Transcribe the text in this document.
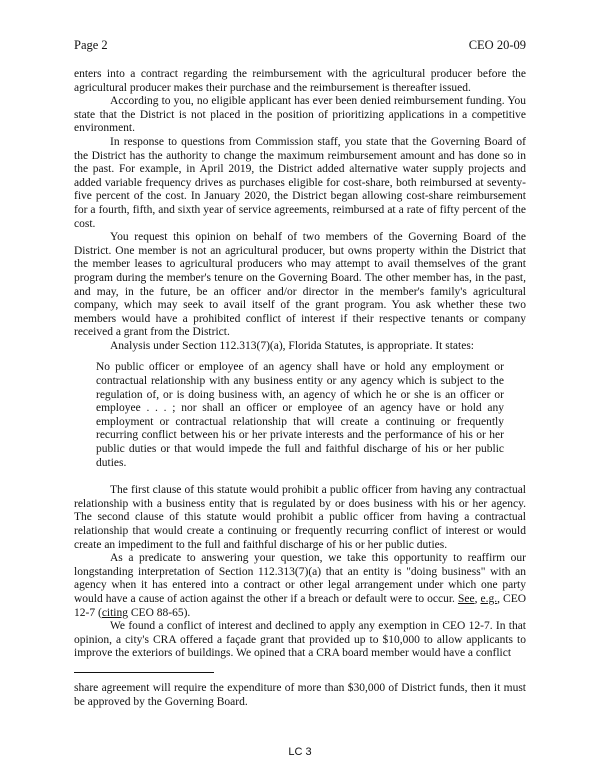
Page 2	CEO 20-09

enters into a contract regarding the reimbursement with the agricultural producer before the agricultural producer makes their purchase and the reimbursement is thereafter issued.

According to you, no eligible applicant has ever been denied reimbursement funding. You state that the District is not placed in the position of prioritizing applications in a competitive environment.

In response to questions from Commission staff, you state that the Governing Board of the District has the authority to change the maximum reimbursement amount and has done so in the past. For example, in April 2019, the District added alternative water supply projects and added variable frequency drives as purchases eligible for cost-share, both reimbursed at seventy-five percent of the cost. In January 2020, the District began allowing cost-share reimbursement for a fourth, fifth, and sixth year of service agreements, reimbursed at a rate of fifty percent of the cost.

You request this opinion on behalf of two members of the Governing Board of the District. One member is not an agricultural producer, but owns property within the District that the member leases to agricultural producers who may attempt to avail themselves of the grant program during the member's tenure on the Governing Board. The other member has, in the past, and may, in the future, be an officer and/or director in the member's family's agricultural company, which may seek to avail itself of the grant program. You ask whether these two members would have a prohibited conflict of interest if their respective tenants or company received a grant from the District.

Analysis under Section 112.313(7)(a), Florida Statutes, is appropriate. It states:

No public officer or employee of an agency shall have or hold any employment or contractual relationship with any business entity or any agency which is subject to the regulation of, or is doing business with, an agency of which he or she is an officer or employee . . . ; nor shall an officer or employee of an agency have or hold any employment or contractual relationship that will create a continuing or frequently recurring conflict between his or her private interests and the performance of his or her public duties or that would impede the full and faithful discharge of his or her public duties.

The first clause of this statute would prohibit a public officer from having any contractual relationship with a business entity that is regulated by or does business with his or her agency. The second clause of this statute would prohibit a public officer from having a contractual relationship that would create a continuing or frequently recurring conflict of interest or would create an impediment to the full and faithful discharge of his or her public duties.

As a predicate to answering your question, we take this opportunity to reaffirm our longstanding interpretation of Section 112.313(7)(a) that an entity is "doing business" with an agency when it has entered into a contract or other legal arrangement under which one party would have a cause of action against the other if a breach or default were to occur. See, e.g., CEO 12-7 (citing CEO 88-65).

We found a conflict of interest and declined to apply any exemption in CEO 12-7. In that opinion, a city's CRA offered a façade grant that provided up to $10,000 to allow applicants to improve the exteriors of buildings. We opined that a CRA board member would have a conflict

share agreement will require the expenditure of more than $30,000 of District funds, then it must be approved by the Governing Board.
LC 3
